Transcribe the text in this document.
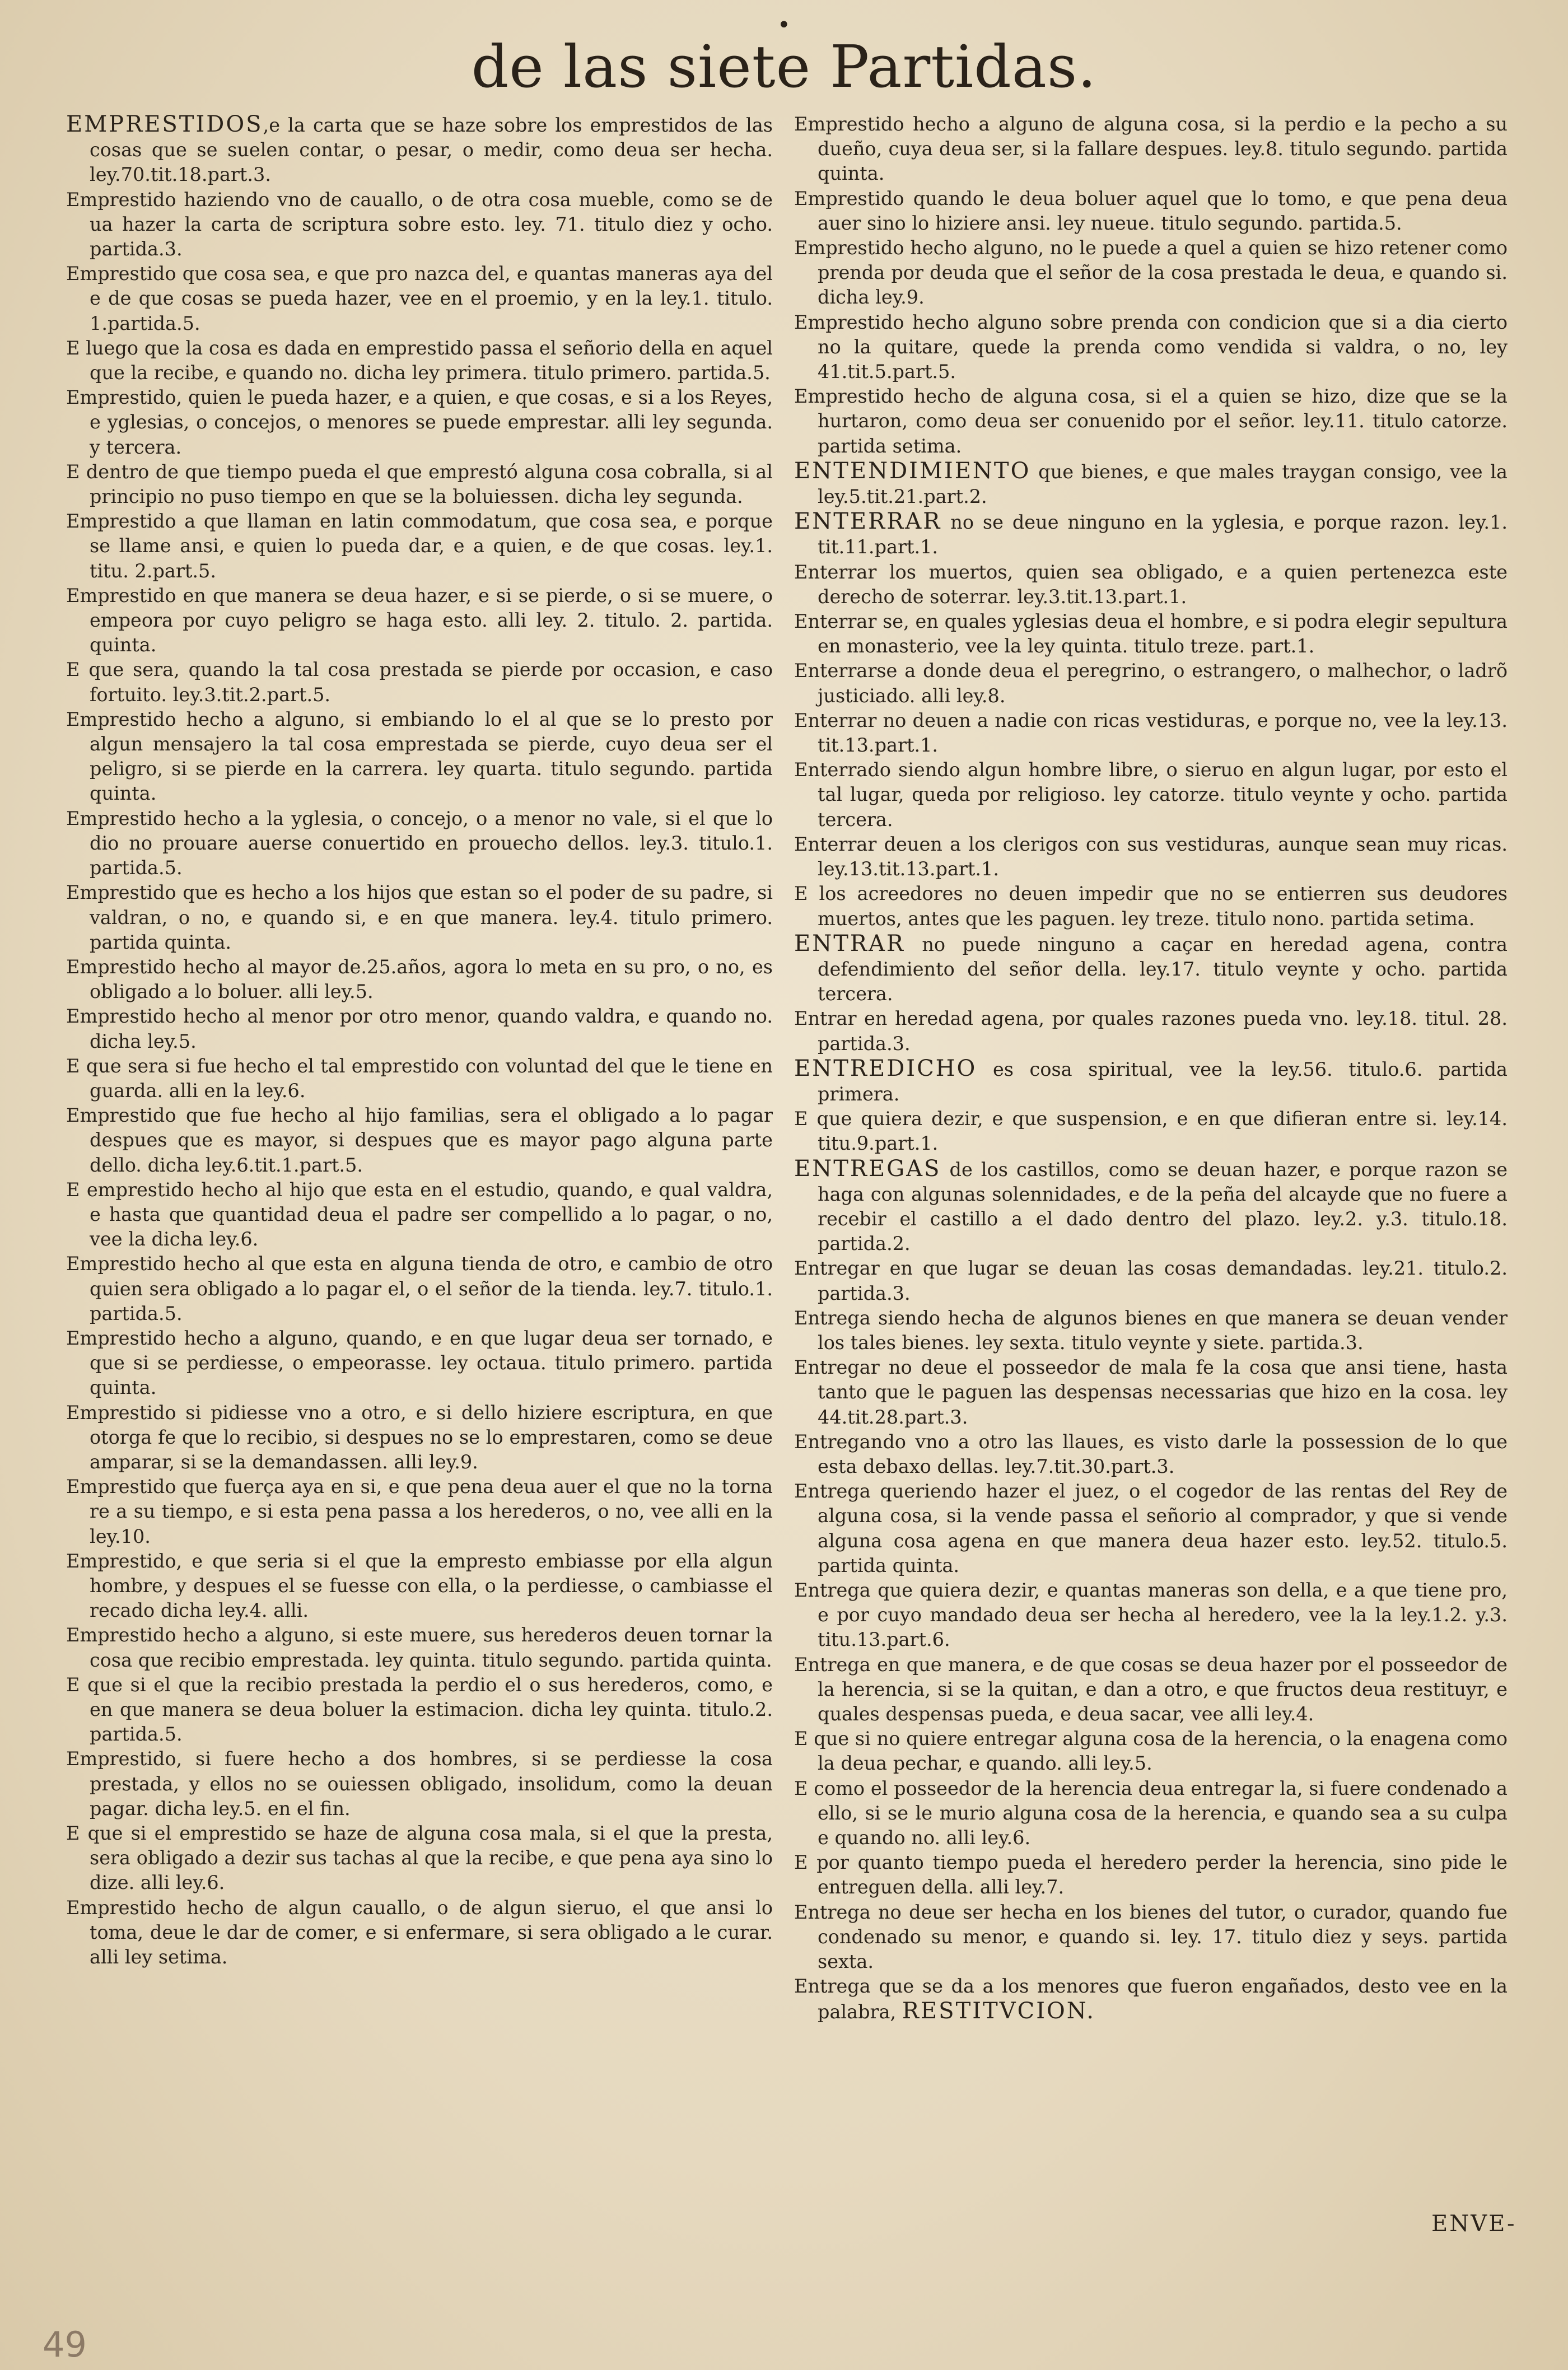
•
de las siete Partidas.

EMPRESTIDOS,e la carta que se haze sobre los emprestidos de las cosas que se suelen contar, o pesar, o medir, como deua ser hecha. ley.70.tit.18.part.3.

Emprestido haziendo vno de cauallo, o de otra cosa mueble, como se de ua hazer la carta de scriptura sobre esto. ley. 71. titulo diez y ocho. partida.3.

Emprestido que cosa sea, e que pro nazca del, e quantas maneras aya del e de que cosas se pueda hazer, vee en el proemio, y en la ley.1. titulo. 1.partida.5.

E luego que la cosa es dada en emprestido passa el señorio della en aquel que la recibe, e quando no. dicha ley primera. titulo primero. partida.5.

Emprestido, quien le pueda hazer, e a quien, e que cosas, e si a los Reyes, e yglesias, o concejos, o menores se puede emprestar. alli ley segunda. y tercera.

E dentro de que tiempo pueda el que emprestó alguna cosa cobralla, si al principio no puso tiempo en que se la boluiessen. dicha ley segunda.

Emprestido a que llaman en latin commodatum, que cosa sea, e porque se llame ansi, e quien lo pueda dar, e a quien, e de que cosas. ley.1. titu. 2.part.5.

Emprestido en que manera se deua hazer, e si se pierde, o si se muere, o empeora por cuyo peligro se haga esto. alli ley. 2. titulo. 2. partida. quinta.

E que sera, quando la tal cosa prestada se pierde por occasion, e caso fortuito. ley.3.tit.2.part.5.

Emprestido hecho a alguno, si embiando lo el al que se lo presto por algun mensajero la tal cosa emprestada se pierde, cuyo deua ser el peligro, si se pierde en la carrera. ley quarta. titulo segundo. partida quinta.

Emprestido hecho a la yglesia, o concejo, o a menor no vale, si el que lo dio no prouare auerse conuertido en prouecho dellos. ley.3. titulo.1. partida.5.

Emprestido que es hecho a los hijos que estan so el poder de su padre, si valdran, o no, e quando si, e en que manera. ley.4. titulo primero. partida quinta.

Emprestido hecho al mayor de.25.años, agora lo meta en su pro, o no, es obligado a lo boluer. alli ley.5.

Emprestido hecho al menor por otro menor, quando valdra, e quando no. dicha ley.5.

E que sera si fue hecho el tal emprestido con voluntad del que le tiene en guarda. alli en la ley.6.

Emprestido que fue hecho al hijo familias, sera el obligado a lo pagar despues que es mayor, si despues que es mayor pago alguna parte dello. dicha ley.6.tit.1.part.5.

E emprestido hecho al hijo que esta en el estudio, quando, e qual valdra, e hasta que quantidad deua el padre ser compellido a lo pagar, o no, vee la dicha ley.6.

Emprestido hecho al que esta en alguna tienda de otro, e cambio de otro quien sera obligado a lo pagar el, o el señor de la tienda. ley.7. titulo.1. partida.5.

Emprestido hecho a alguno, quando, e en que lugar deua ser tornado, e que si se perdiesse, o empeorasse. ley octaua. titulo primero. partida quinta.

Emprestido si pidiesse vno a otro, e si dello hiziere escriptura, en que otorga fe que lo recibio, si despues no se lo emprestaren, como se deue amparar, si se la demandassen. alli ley.9.

Emprestido que fuerça aya en si, e que pena deua auer el que no la torna re a su tiempo, e si esta pena passa a los herederos, o no, vee alli en la ley.10.

Emprestido, e que seria si el que la empresto embiasse por ella algun hombre, y despues el se fuesse con ella, o la perdiesse, o cambiasse el recado dicha ley.4. alli.

Emprestido hecho a alguno, si este muere, sus herederos deuen tornar la cosa que recibio emprestada. ley quinta. titulo segundo. partida quinta.

E que si el que la recibio prestada la perdio el o sus herederos, como, e en que manera se deua boluer la estimacion. dicha ley quinta. titulo.2. partida.5.

Emprestido, si fuere hecho a dos hombres, si se perdiesse la cosa prestada, y ellos no se ouiessen obligado, insolidum, como la deuan pagar. dicha ley.5. en el fin.

E que si el emprestido se haze de alguna cosa mala, si el que la presta, sera obligado a dezir sus tachas al que la recibe, e que pena aya sino lo dize. alli ley.6.

Emprestido hecho de algun cauallo, o de algun sieruo, el que ansi lo toma, deue le dar de comer, e si enfermare, si sera obligado a le curar. alli ley setima.

Emprestido hecho a alguno de alguna cosa, si la perdio e la pecho a su dueño, cuya deua ser, si la fallare despues. ley.8. titulo segundo. partida quinta.

Emprestido quando le deua boluer aquel que lo tomo, e que pena deua auer sino lo hiziere ansi. ley nueue. titulo segundo. partida.5.

Emprestido hecho alguno, no le puede a quel a quien se hizo retener como prenda por deuda que el señor de la cosa prestada le deua, e quando si. dicha ley.9.

Emprestido hecho alguno sobre prenda con condicion que si a dia cierto no la quitare, quede la prenda como vendida si valdra, o no, ley 41.tit.5.part.5.

Emprestido hecho de alguna cosa, si el a quien se hizo, dize que se la hurtaron, como deua ser conuenido por el señor. ley.11. titulo catorze. partida setima.

ENTENDIMIENTO que bienes, e que males traygan consigo, vee la ley.5.tit.21.part.2.

ENTERRAR no se deue ninguno en la yglesia, e porque razon. ley.1. tit.11.part.1.

Enterrar los muertos, quien sea obligado, e a quien pertenezca este derecho de soterrar. ley.3.tit.13.part.1.

Enterrar se, en quales yglesias deua el hombre, e si podra elegir sepultura en monasterio, vee la ley quinta. titulo treze. part.1.

Enterrarse a donde deua el peregrino, o estrangero, o malhechor, o ladrõ justiciado. alli ley.8.

Enterrar no deuen a nadie con ricas vestiduras, e porque no, vee la ley.13. tit.13.part.1.

Enterrado siendo algun hombre libre, o sieruo en algun lugar, por esto el tal lugar, queda por religioso. ley catorze. titulo veynte y ocho. partida tercera.

Enterrar deuen a los clerigos con sus vestiduras, aunque sean muy ricas. ley.13.tit.13.part.1.

E los acreedores no deuen impedir que no se entierren sus deudores muertos, antes que les paguen. ley treze. titulo nono. partida setima.

ENTRAR no puede ninguno a caçar en heredad agena, contra defendimiento del señor della. ley.17. titulo veynte y ocho. partida tercera.

Entrar en heredad agena, por quales razones pueda vno. ley.18. titul. 28. partida.3.

ENTREDICHO es cosa spiritual, vee la ley.56. titulo.6. partida primera.

E que quiera dezir, e que suspension, e en que difieran entre si. ley.14. titu.9.part.1.

ENTREGAS de los castillos, como se deuan hazer, e porque razon se haga con algunas solennidades, e de la peña del alcayde que no fuere a recebir el castillo a el dado dentro del plazo. ley.2. y.3. titulo.18. partida.2.

Entregar en que lugar se deuan las cosas demandadas. ley.21. titulo.2. partida.3.

Entrega siendo hecha de algunos bienes en que manera se deuan vender los tales bienes. ley sexta. titulo veynte y siete. partida.3.

Entregar no deue el posseedor de mala fe la cosa que ansi tiene, hasta tanto que le paguen las despensas necessarias que hizo en la cosa. ley 44.tit.28.part.3.

Entregando vno a otro las llaues, es visto darle la possession de lo que esta debaxo dellas. ley.7.tit.30.part.3.

Entrega queriendo hazer el juez, o el cogedor de las rentas del Rey de alguna cosa, si la vende passa el señorio al comprador, y que si vende alguna cosa agena en que manera deua hazer esto. ley.52. titulo.5. partida quinta.

Entrega que quiera dezir, e quantas maneras son della, e a que tiene pro, e por cuyo mandado deua ser hecha al heredero, vee la la ley.1.2. y.3. titu.13.part.6.

Entrega en que manera, e de que cosas se deua hazer por el posseedor de la herencia, si se la quitan, e dan a otro, e que fructos deua restituyr, e quales despensas pueda, e deua sacar, vee alli ley.4.

E que si no quiere entregar alguna cosa de la herencia, o la enagena como la deua pechar, e quando. alli ley.5.

E como el posseedor de la herencia deua entregar la, si fuere condenado a ello, si se le murio alguna cosa de la herencia, e quando sea a su culpa e quando no. alli ley.6.

E por quanto tiempo pueda el heredero perder la herencia, sino pide le entreguen della. alli ley.7.

Entrega no deue ser hecha en los bienes del tutor, o curador, quando fue condenado su menor, e quando si. ley. 17. titulo diez y seys. partida sexta.

Entrega que se da a los menores que fueron engañados, desto vee en la palabra, RESTITVCION.

ENVE-
49
